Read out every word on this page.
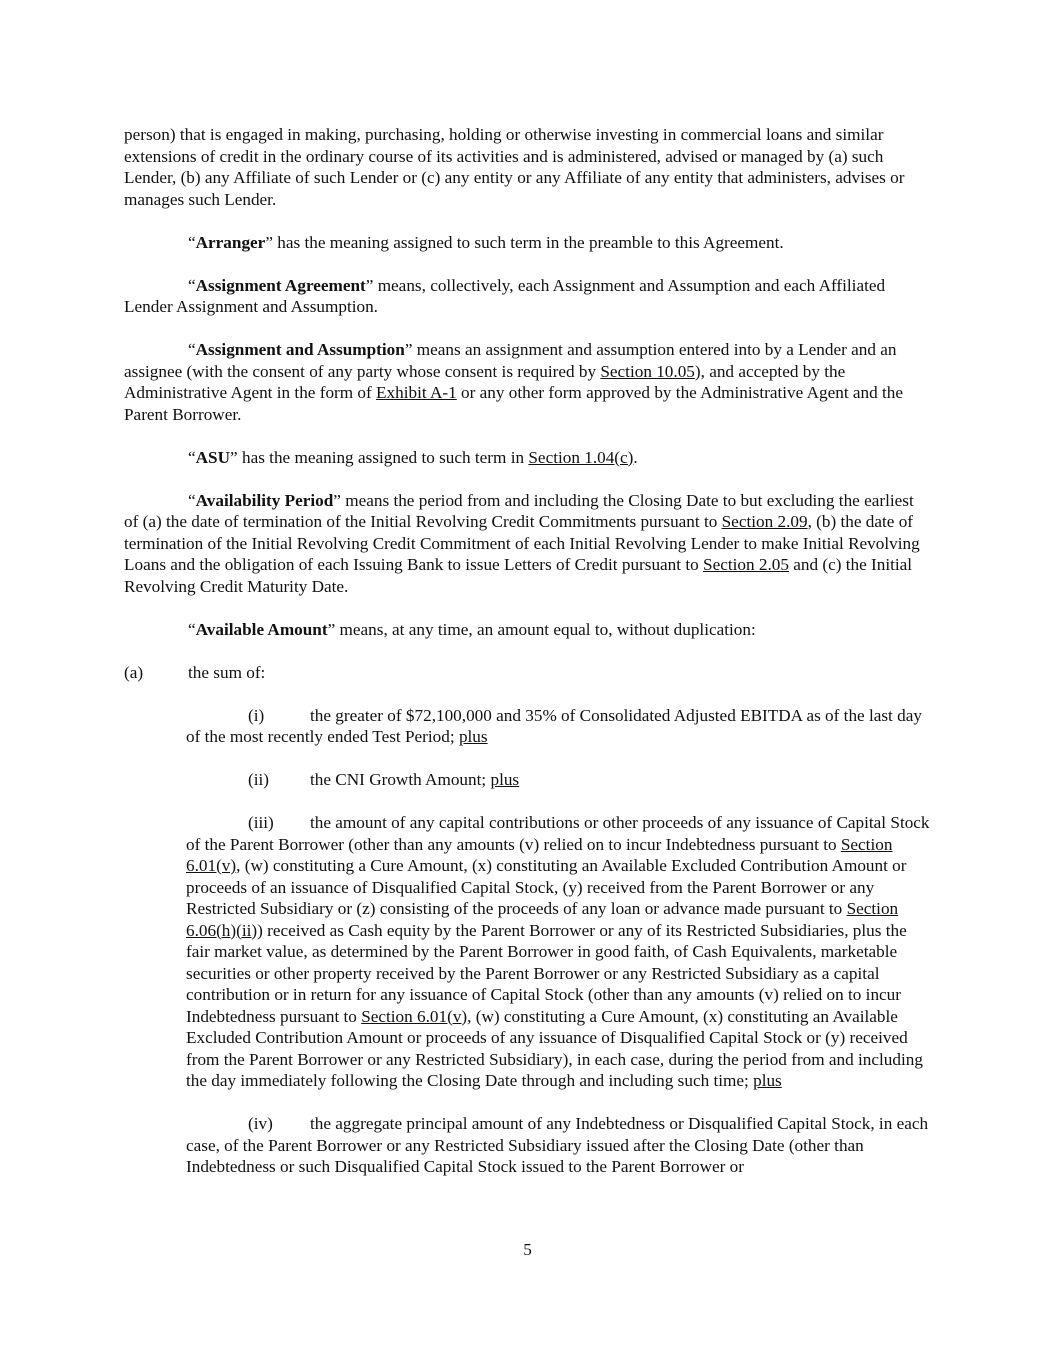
person) that is engaged in making, purchasing, holding or otherwise investing in commercial loans and similar extensions of credit in the ordinary course of its activities and is administered, advised or managed by (a) such Lender, (b) any Affiliate of such Lender or (c) any entity or any Affiliate of any entity that administers, advises or manages such Lender.

“Arranger” has the meaning assigned to such term in the preamble to this Agreement.

“Assignment Agreement” means, collectively, each Assignment and Assumption and each Affiliated Lender Assignment and Assumption.

“Assignment and Assumption” means an assignment and assumption entered into by a Lender and an assignee (with the consent of any party whose consent is required by Section 10.05), and accepted by the Administrative Agent in the form of Exhibit A-1 or any other form approved by the Administrative Agent and the Parent Borrower.

“ASU” has the meaning assigned to such term in Section 1.04(c).

“Availability Period” means the period from and including the Closing Date to but excluding the earliest of (a) the date of termination of the Initial Revolving Credit Commitments pursuant to Section 2.09, (b) the date of termination of the Initial Revolving Credit Commitment of each Initial Revolving Lender to make Initial Revolving Loans and the obligation of each Issuing Bank to issue Letters of Credit pursuant to Section 2.05 and (c) the Initial Revolving Credit Maturity Date.

“Available Amount” means, at any time, an amount equal to, without duplication:

(a)	the sum of:

(i)	the greater of $72,100,000 and 35% of Consolidated Adjusted EBITDA as of the last day of the most recently ended Test Period; plus

(ii) the CNI Growth Amount; plus

(iii) the amount of any capital contributions or other proceeds of any issuance of Capital Stock of the Parent Borrower (other than any amounts (v) relied on to incur Indebtedness pursuant to Section 6.01(v), (w) constituting a Cure Amount, (x) constituting an Available Excluded Contribution Amount or proceeds of an issuance of Disqualified Capital Stock, (y) received from the Parent Borrower or any Restricted Subsidiary or (z) consisting of the proceeds of any loan or advance made pursuant to Section 6.06(h)(ii)) received as Cash equity by the Parent Borrower or any of its Restricted Subsidiaries, plus the fair market value, as determined by the Parent Borrower in good faith, of Cash Equivalents, marketable securities or other property received by the Parent Borrower or any Restricted Subsidiary as a capital contribution or in return for any issuance of Capital Stock (other than any amounts (v) relied on to incur Indebtedness pursuant to Section 6.01(v), (w) constituting a Cure Amount, (x) constituting an Available Excluded Contribution Amount or proceeds of any issuance of Disqualified Capital Stock or (y) received from the Parent Borrower or any Restricted Subsidiary), in each case, during the period from and including the day immediately following the Closing Date through and including such time; plus

(iv) the aggregate principal amount of any Indebtedness or Disqualified Capital Stock, in each case, of the Parent Borrower or any Restricted Subsidiary issued after the Closing Date (other than Indebtedness or such Disqualified Capital Stock issued to the Parent Borrower or

5
